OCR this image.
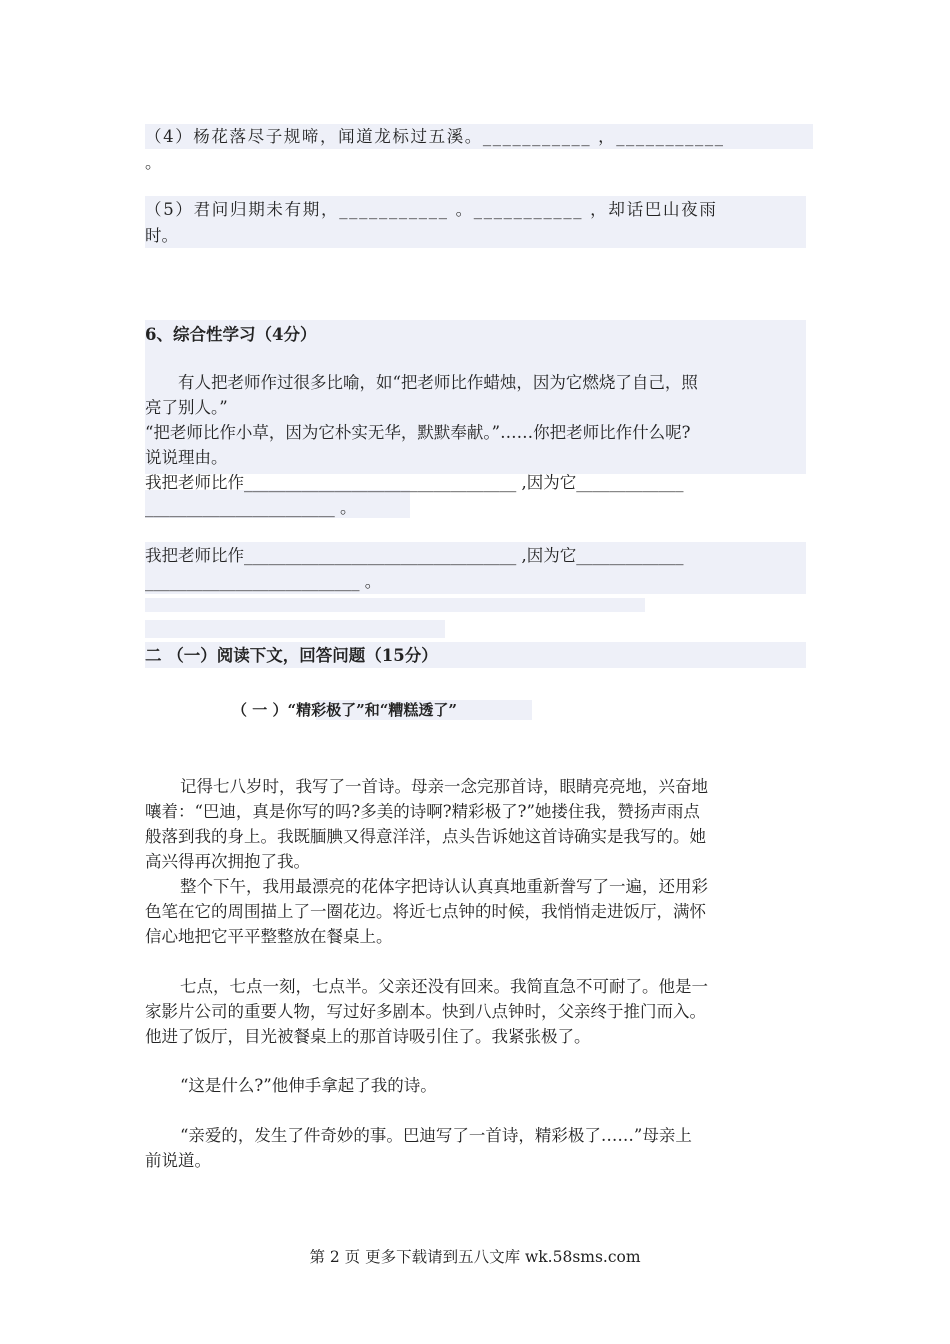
（4）杨花落尽子规啼，闻道龙标过五溪。___________ ，___________
。
（5）君问归期未有期，___________ 。___________ ，却话巴山夜雨
时。
6、综合性学习（4分）
有人把老师作过很多比喻，如“把老师比作蜡烛，因为它燃烧了自己，照
亮了别人。”
“把老师比作小草，因为它朴实无华，默默奉献。”……你把老师比作什么呢?
说说理由。
我把老师比作_________________________________ ,因为它_____________
_______________________ 。
我把老师比作_________________________________ ,因为它_____________
__________________________ 。
二 （一）阅读下文，回答问题（15分）
（ 一 ）“精彩极了”和“糟糕透了”
记得七八岁时，我写了一首诗。母亲一念完那首诗，眼睛亮亮地，兴奋地
嚷着：“巴迪，真是你写的吗?多美的诗啊?精彩极了?”她搂住我，赞扬声雨点
般落到我的身上。我既腼腆又得意洋洋，点头告诉她这首诗确实是我写的。她
高兴得再次拥抱了我。
整个下午，我用最漂亮的花体字把诗认认真真地重新誊写了一遍，还用彩
色笔在它的周围描上了一圈花边。将近七点钟的时候，我悄悄走进饭厅，满怀
信心地把它平平整整放在餐桌上。
七点，七点一刻，七点半。父亲还没有回来。我简直急不可耐了。他是一
家影片公司的重要人物，写过好多剧本。快到八点钟时，父亲终于推门而入。
他进了饭厅，目光被餐桌上的那首诗吸引住了。我紧张极了。
“这是什么?”他伸手拿起了我的诗。
“亲爱的，发生了件奇妙的事。巴迪写了一首诗，精彩极了……”母亲上
前说道。
第 2 页 更多下载请到五八文库 wk.58sms.com
